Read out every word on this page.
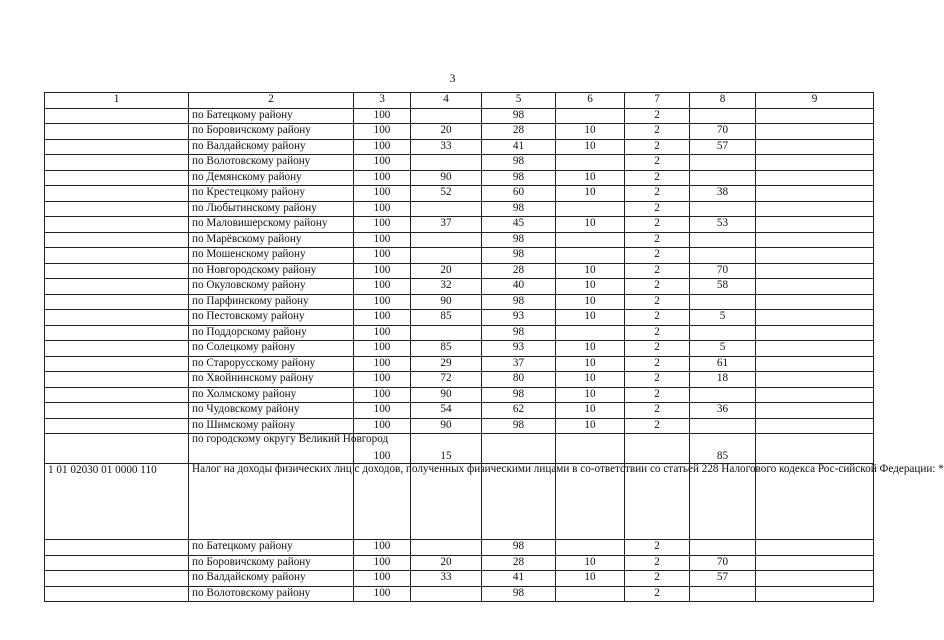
3
1	2	3	4	5	6	7	8	9
	по Батецкому району	100		98		2		
	по Боровичскому району	100	20	28	10	2	70	
	по Валдайскому району	100	33	41	10	2	57	
	по Волотовскому району	100		98		2		
	по Демянскому району	100	90	98	10	2		
	по Крестецкому району	100	52	60	10	2	38	
	по Любытинскому району	100		98		2		
	по Маловишерскому району	100	37	45	10	2	53	
	по Марёвскому району	100		98		2		
	по Мошенскому району	100		98		2		
	по Новгородскому району	100	20	28	10	2	70	
	по Окуловскому району	100	32	40	10	2	58	
	по Парфинскому району	100	90	98	10	2		
	по Пестовскому району	100	85	93	10	2	5	
	по Поддорскому району	100		98		2		
	по Солецкому району	100	85	93	10	2	5	
	по Старорусскому району	100	29	37	10	2	61	
	по Хвойнинскому району	100	72	80	10	2	18	
	по Холмскому району	100	90	98	10	2		
	по Чудовскому району	100	54	62	10	2	36	
	по Шимскому району	100	90	98	10	2		
	по городскому округу Великий Новгород	100	15				85	
1 01 02030 01 0000 110	Налог на доходы физических лиц с доходов, полученных физическими лицами в со-ответствии со статьей 228 Налогового кодекса Рос-сийской Федерации: *							
	по Батецкому району	100		98		2		
	по Боровичскому району	100	20	28	10	2	70	
	по Валдайскому району	100	33	41	10	2	57	
	по Волотовскому району	100		98		2		
